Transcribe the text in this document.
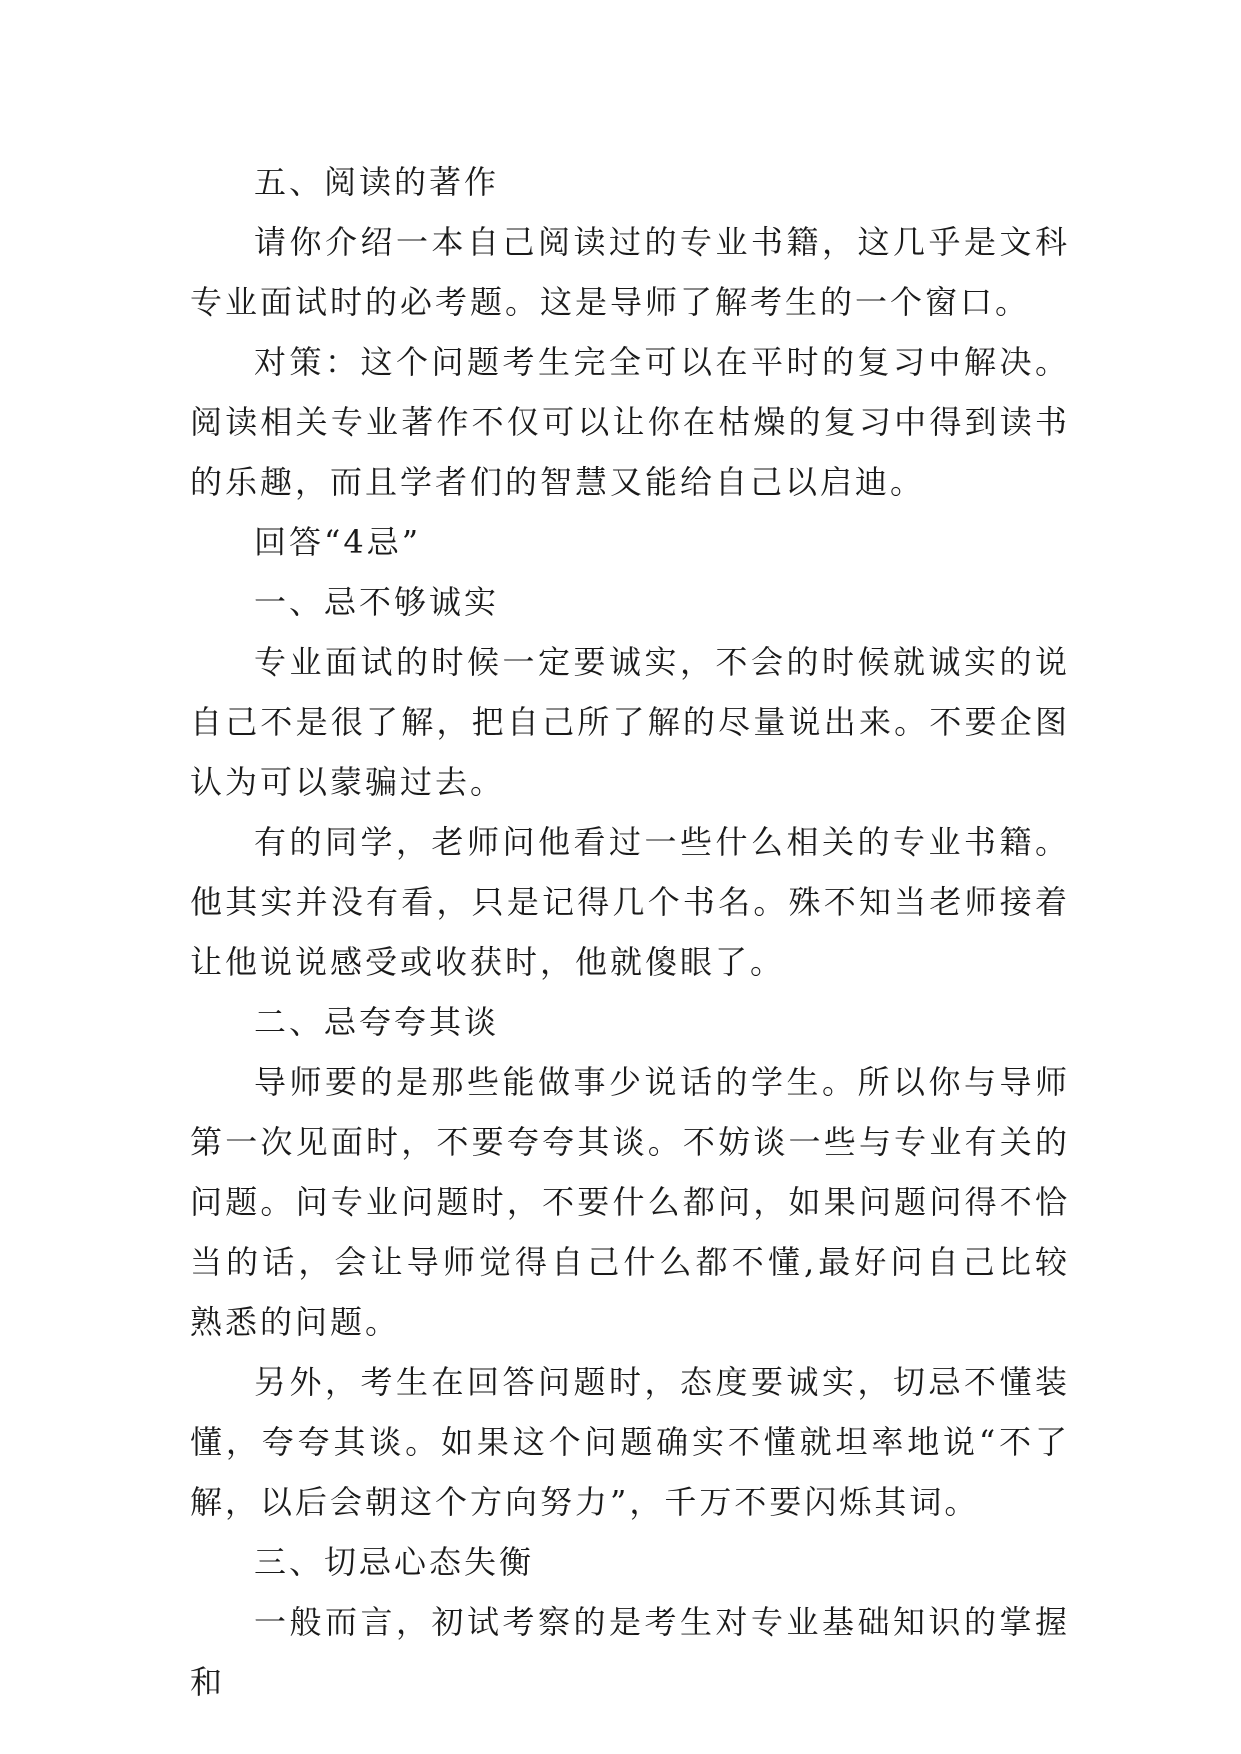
五、阅读的著作

请你介绍一本自己阅读过的专业书籍，这几乎是文科专业面试时的必考题。这是导师了解考生的一个窗口。

对策：这个问题考生完全可以在平时的复习中解决。阅读相关专业著作不仅可以让你在枯燥的复习中得到读书的乐趣，而且学者们的智慧又能给自己以启迪。

回答“4忌”

一、忌不够诚实

专业面试的时候一定要诚实，不会的时候就诚实的说自己不是很了解，把自己所了解的尽量说出来。不要企图认为可以蒙骗过去。

有的同学，老师问他看过一些什么相关的专业书籍。他其实并没有看，只是记得几个书名。殊不知当老师接着让他说说感受或收获时，他就傻眼了。

二、忌夸夸其谈

导师要的是那些能做事少说话的学生。所以你与导师第一次见面时，不要夸夸其谈。不妨谈一些与专业有关的问题。问专业问题时，不要什么都问，如果问题问得不恰当的话，会让导师觉得自己什么都不懂,最好问自己比较熟悉的问题。

另外，考生在回答问题时，态度要诚实，切忌不懂装懂，夸夸其谈。如果这个问题确实不懂就坦率地说“不了解，以后会朝这个方向努力”，千万不要闪烁其词。

三、切忌心态失衡

一般而言，初试考察的是考生对专业基础知识的掌握和
